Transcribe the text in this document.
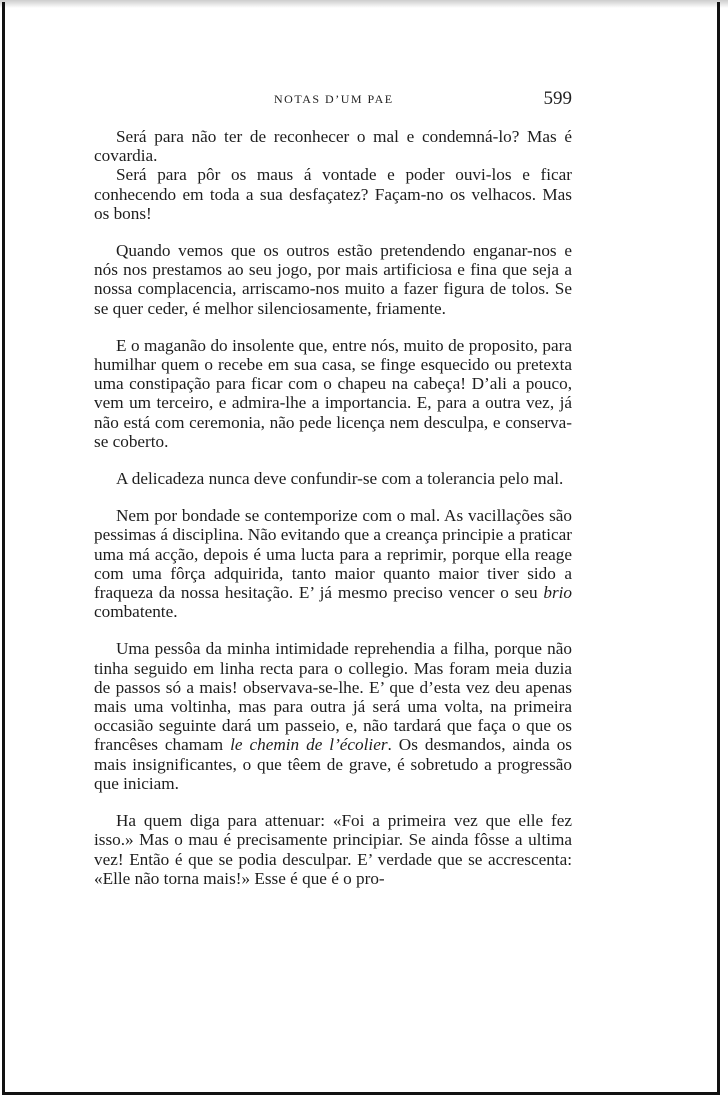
NOTAS D’UM PAE	599

Será para não ter de reconhecer o mal e condemná-lo? Mas é covardia.

Será para pôr os maus á vontade e poder ouvi-los e ficar conhecendo em toda a sua desfaçatez? Façam-no os velhacos. Mas os bons!

Quando vemos que os outros estão pretendendo enganar-nos e nós nos prestamos ao seu jogo, por mais artificiosa e fina que seja a nossa complacencia, arriscamo-nos muito a fazer figura de tolos. Se se quer ceder, é melhor silenciosamente, friamente.

E o maganão do insolente que, entre nós, muito de proposito, para humilhar quem o recebe em sua casa, se finge esquecido ou pretexta uma constipação para ficar com o chapeu na cabeça! D’ali a pouco, vem um terceiro, e admira-lhe a importancia. E, para a outra vez, já não está com ceremonia, não pede licença nem desculpa, e conserva-se coberto.

A delicadeza nunca deve confundir-se com a tolerancia pelo mal.

Nem por bondade se contemporize com o mal. As vacillações são pessimas á disciplina. Não evitando que a creança principie a praticar uma má acção, depois é uma lucta para a reprimir, porque ella reage com uma fôrça adquirida, tanto maior quanto maior tiver sido a fraqueza da nossa hesitação. E’ já mesmo preciso vencer o seu brio combatente.

Uma pessôa da minha intimidade reprehendia a filha, porque não tinha seguido em linha recta para o collegio. Mas foram meia duzia de passos só a mais! observava-se-lhe. E’ que d’esta vez deu apenas mais uma voltinha, mas para outra já será uma volta, na primeira occasião seguinte dará um passeio, e, não tardará que faça o que os francêses chamam le chemin de l’écolier. Os desmandos, ainda os mais insignificantes, o que têem de grave, é sobretudo a progressão que iniciam.

Ha quem diga para attenuar: «Foi a primeira vez que elle fez isso.» Mas o mau é precisamente principiar. Se ainda fôsse a ultima vez! Então é que se podia desculpar. E’ verdade que se accrescenta: «Elle não torna mais!» Esse é que é o pro-
